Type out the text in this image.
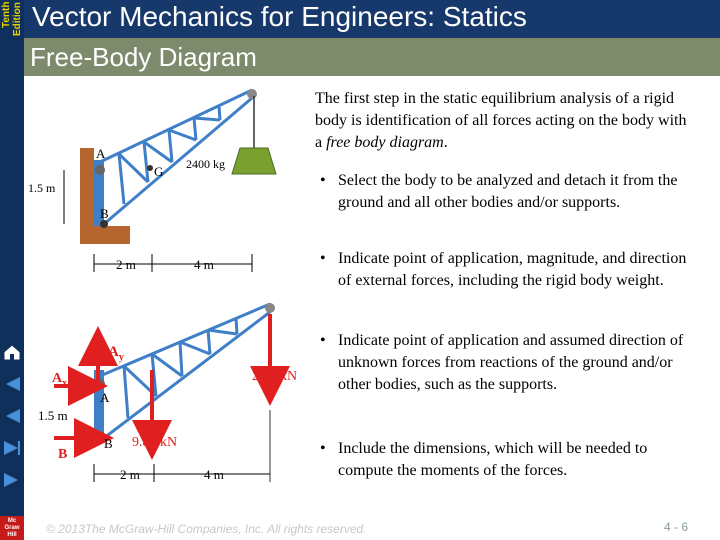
Tenth Edition
Mc Graw Hill
Vector Mechanics for Engineers: Statics
Free-Body Diagram
A
B
G 2400 kg
1.5 m
2 m	4 m
$A_y$
$A_x$
A
B
B
9.81 kN
23.5 kN
1.5 m
2 m	4 m
The first step in the static equilibrium analysis of a rigid body is identification of all forces acting on the body with a free body diagram.
• Select the body to be analyzed and detach it from the ground and all other bodies and/or supports.
• Indicate point of application, magnitude, and direction of external forces, including the rigid body weight.
• Indicate point of application and assumed direction of unknown forces from reactions of the ground and/or other bodies, such as the supports.
• Include the dimensions, which will be needed to compute the moments of the forces.
© 2013The McGraw-Hill Companies, Inc. All rights reserved.	4 - 6
